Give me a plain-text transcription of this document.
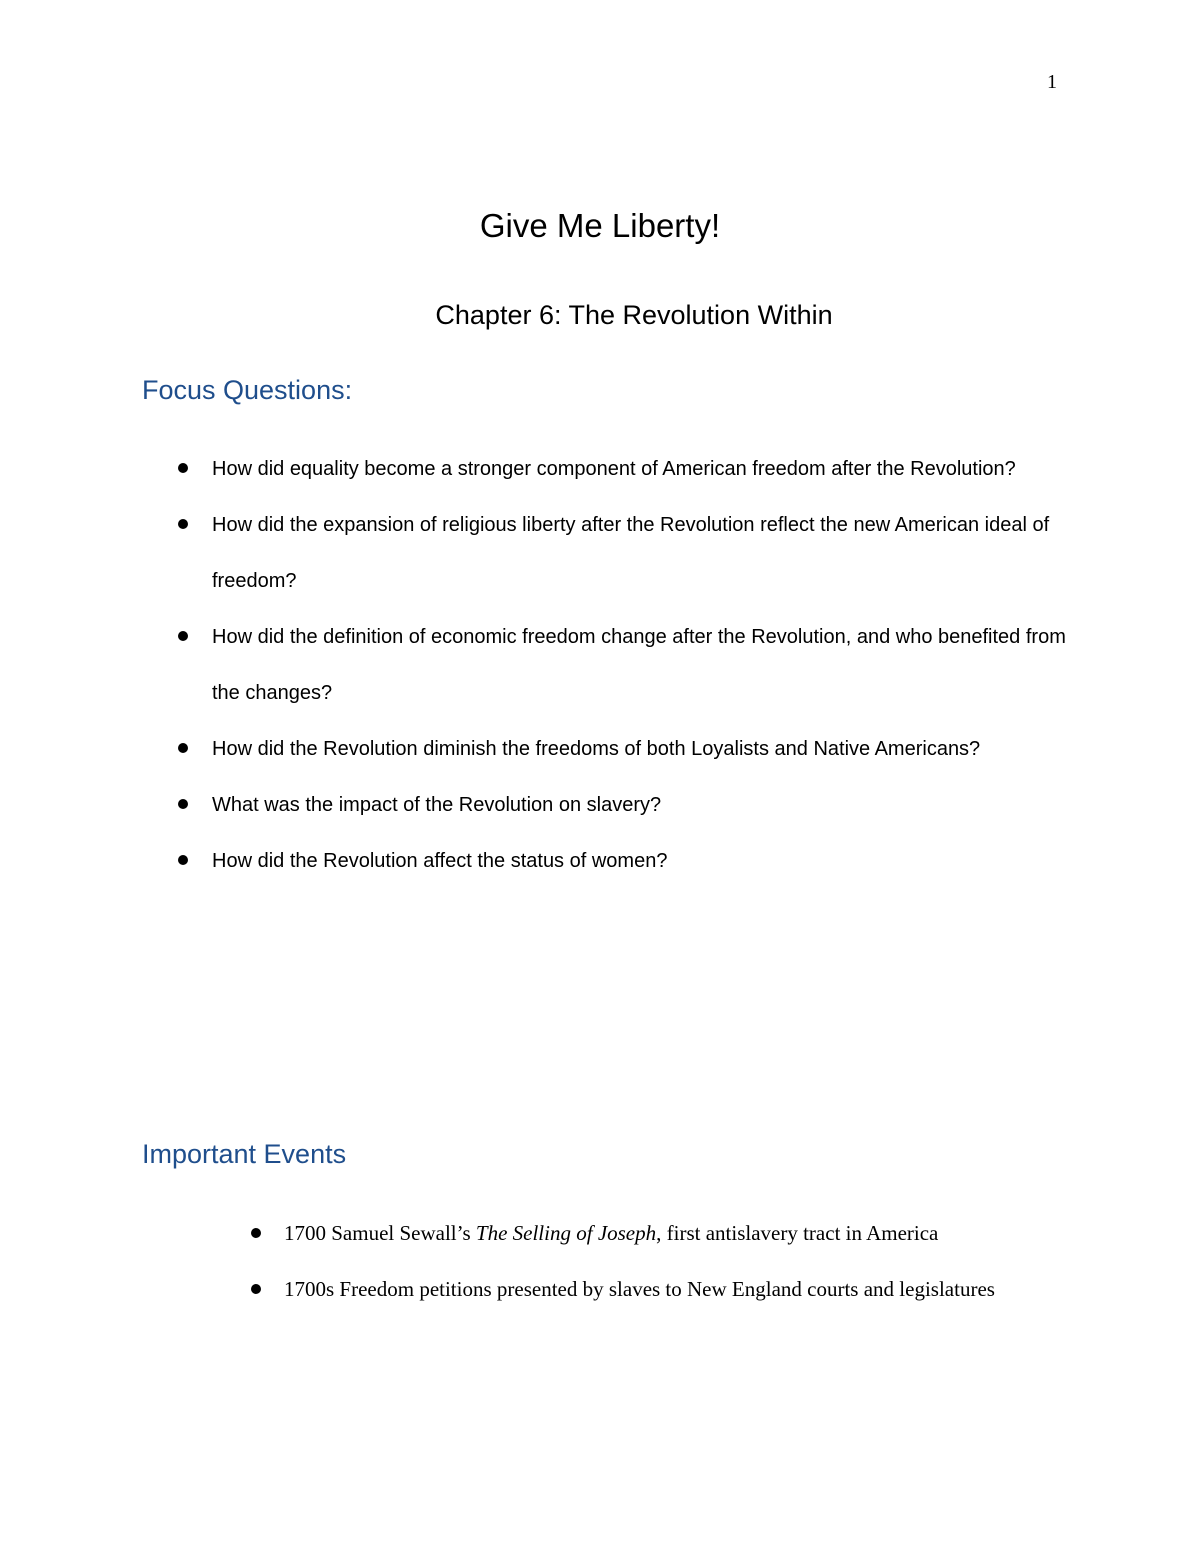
1
Give Me Liberty!
Chapter 6: The Revolution Within
Focus Questions:
How did equality become a stronger component of American freedom after the Revolution?
How did the expansion of religious liberty after the Revolution reflect the new American ideal of freedom?
How did the definition of economic freedom change after the Revolution, and who benefited from the changes?
How did the Revolution diminish the freedoms of both Loyalists and Native Americans?
What was the impact of the Revolution on slavery?
How did the Revolution affect the status of women?
Important Events
1700 Samuel Sewall’s The Selling of Joseph, first antislavery tract in America
1700s Freedom petitions presented by slaves to New England courts and legislatures
